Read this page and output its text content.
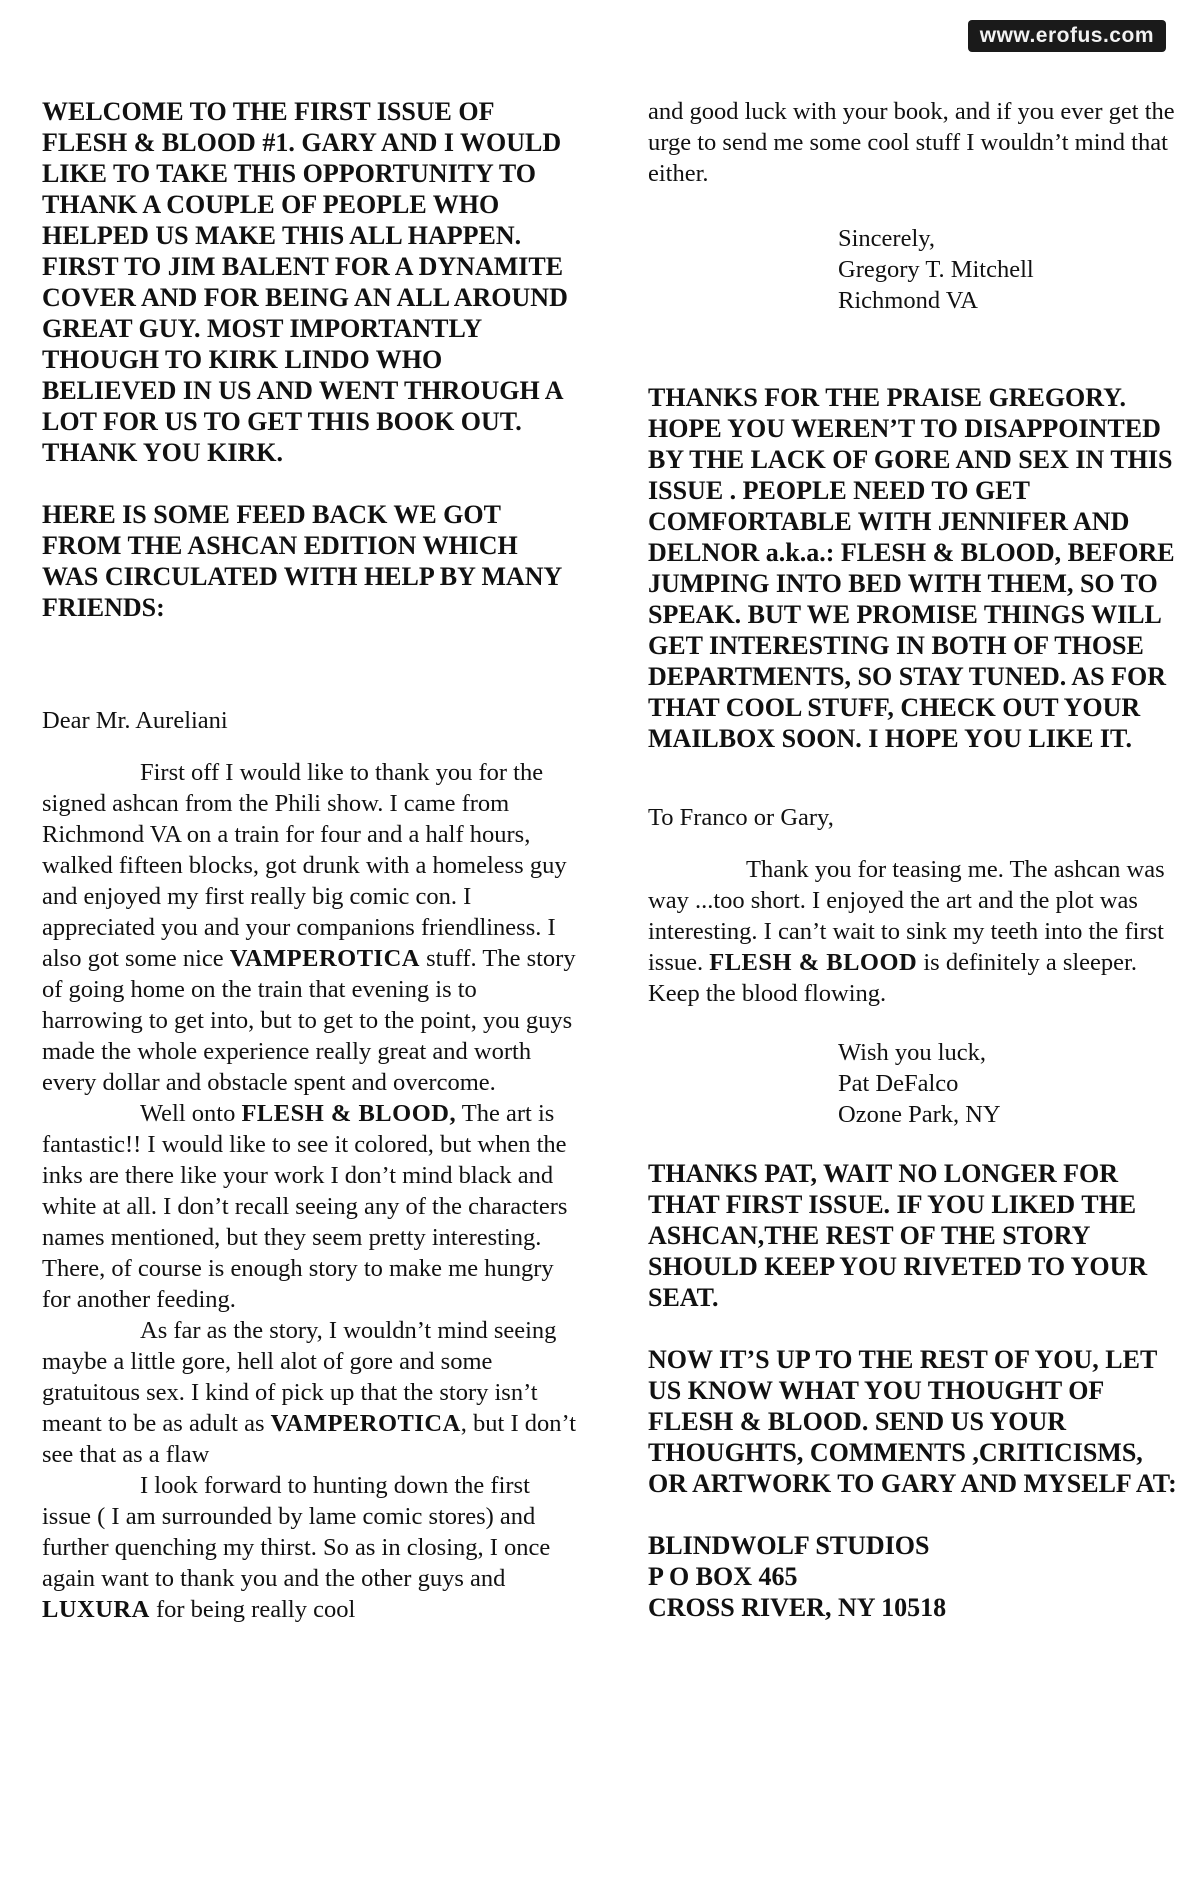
www.erofus.com

WELCOME TO THE FIRST ISSUE OF FLESH & BLOOD #1. GARY AND I WOULD LIKE TO TAKE THIS OPPORTUNITY TO THANK A COUPLE OF PEOPLE WHO HELPED US MAKE THIS ALL HAPPEN. FIRST TO JIM BALENT FOR A DYNAMITE COVER AND FOR BEING AN ALL AROUND GREAT GUY. MOST IMPORTANTLY THOUGH TO KIRK LINDO WHO BELIEVED IN US AND WENT THROUGH A LOT FOR US TO GET THIS BOOK OUT. THANK YOU KIRK.

HERE IS SOME FEED BACK WE GOT FROM THE ASHCAN EDITION WHICH WAS CIRCULATED WITH HELP BY MANY FRIENDS:

Dear Mr. Aureliani

First off I would like to thank you for the signed ashcan from the Phili show. I came from Richmond VA on a train for four and a half hours, walked fifteen blocks, got drunk with a homeless guy and enjoyed my first really big comic con. I appreciated you and your companions friendliness. I also got some nice VAMPEROTICA stuff. The story of going home on the train that evening is to harrowing to get into, but to get to the point, you guys made the whole experience really great and worth every dollar and obstacle spent and overcome.

Well onto FLESH & BLOOD, The art is fantastic!! I would like to see it colored, but when the inks are there like your work I don’t mind black and white at all. I don’t recall seeing any of the characters names mentioned, but they seem pretty interesting. There, of course is enough story to make me hungry for another feeding.

As far as the story, I wouldn’t mind seeing maybe a little gore, hell alot of gore and some gratuitous sex. I kind of pick up that the story isn’t meant to be as adult as VAMPEROTICA, but I don’t see that as a flaw

I look forward to hunting down the first issue ( I am surrounded by lame comic stores) and further quenching my thirst. So as in closing, I once again want to thank you and the other guys and LUXURA for being really cool

and good luck with your book, and if you ever get the urge to send me some cool stuff I wouldn’t mind that either.

Sincerely,

Gregory T. Mitchell

Richmond VA

THANKS FOR THE PRAISE GREGORY. HOPE YOU WEREN’T TO DISAPPOINTED BY THE LACK OF GORE AND SEX IN THIS ISSUE . PEOPLE NEED TO GET COMFORTABLE WITH JENNIFER AND DELNOR a.k.a.: FLESH & BLOOD, BEFORE JUMPING INTO BED WITH THEM, SO TO SPEAK. BUT WE PROMISE THINGS WILL GET INTERESTING IN BOTH OF THOSE DEPARTMENTS, SO STAY TUNED. AS FOR THAT COOL STUFF, CHECK OUT YOUR MAILBOX SOON. I HOPE YOU LIKE IT.

To Franco or Gary,

Thank you for teasing me. The ashcan was way ...too short. I enjoyed the art and the plot was interesting. I can’t wait to sink my teeth into the first issue. FLESH & BLOOD is definitely a sleeper. Keep the blood flowing.

Wish you luck,

Pat DeFalco

Ozone Park, NY

THANKS PAT, WAIT NO LONGER FOR THAT FIRST ISSUE. IF YOU LIKED THE ASHCAN,THE REST OF THE STORY SHOULD KEEP YOU RIVETED TO YOUR SEAT.

NOW IT’S UP TO THE REST OF YOU, LET US KNOW WHAT YOU THOUGHT OF FLESH & BLOOD. SEND US YOUR THOUGHTS, COMMENTS ,CRITICISMS, OR ARTWORK TO GARY AND MYSELF AT:

BLINDWOLF STUDIOS

P O BOX 465

CROSS RIVER, NY 10518
